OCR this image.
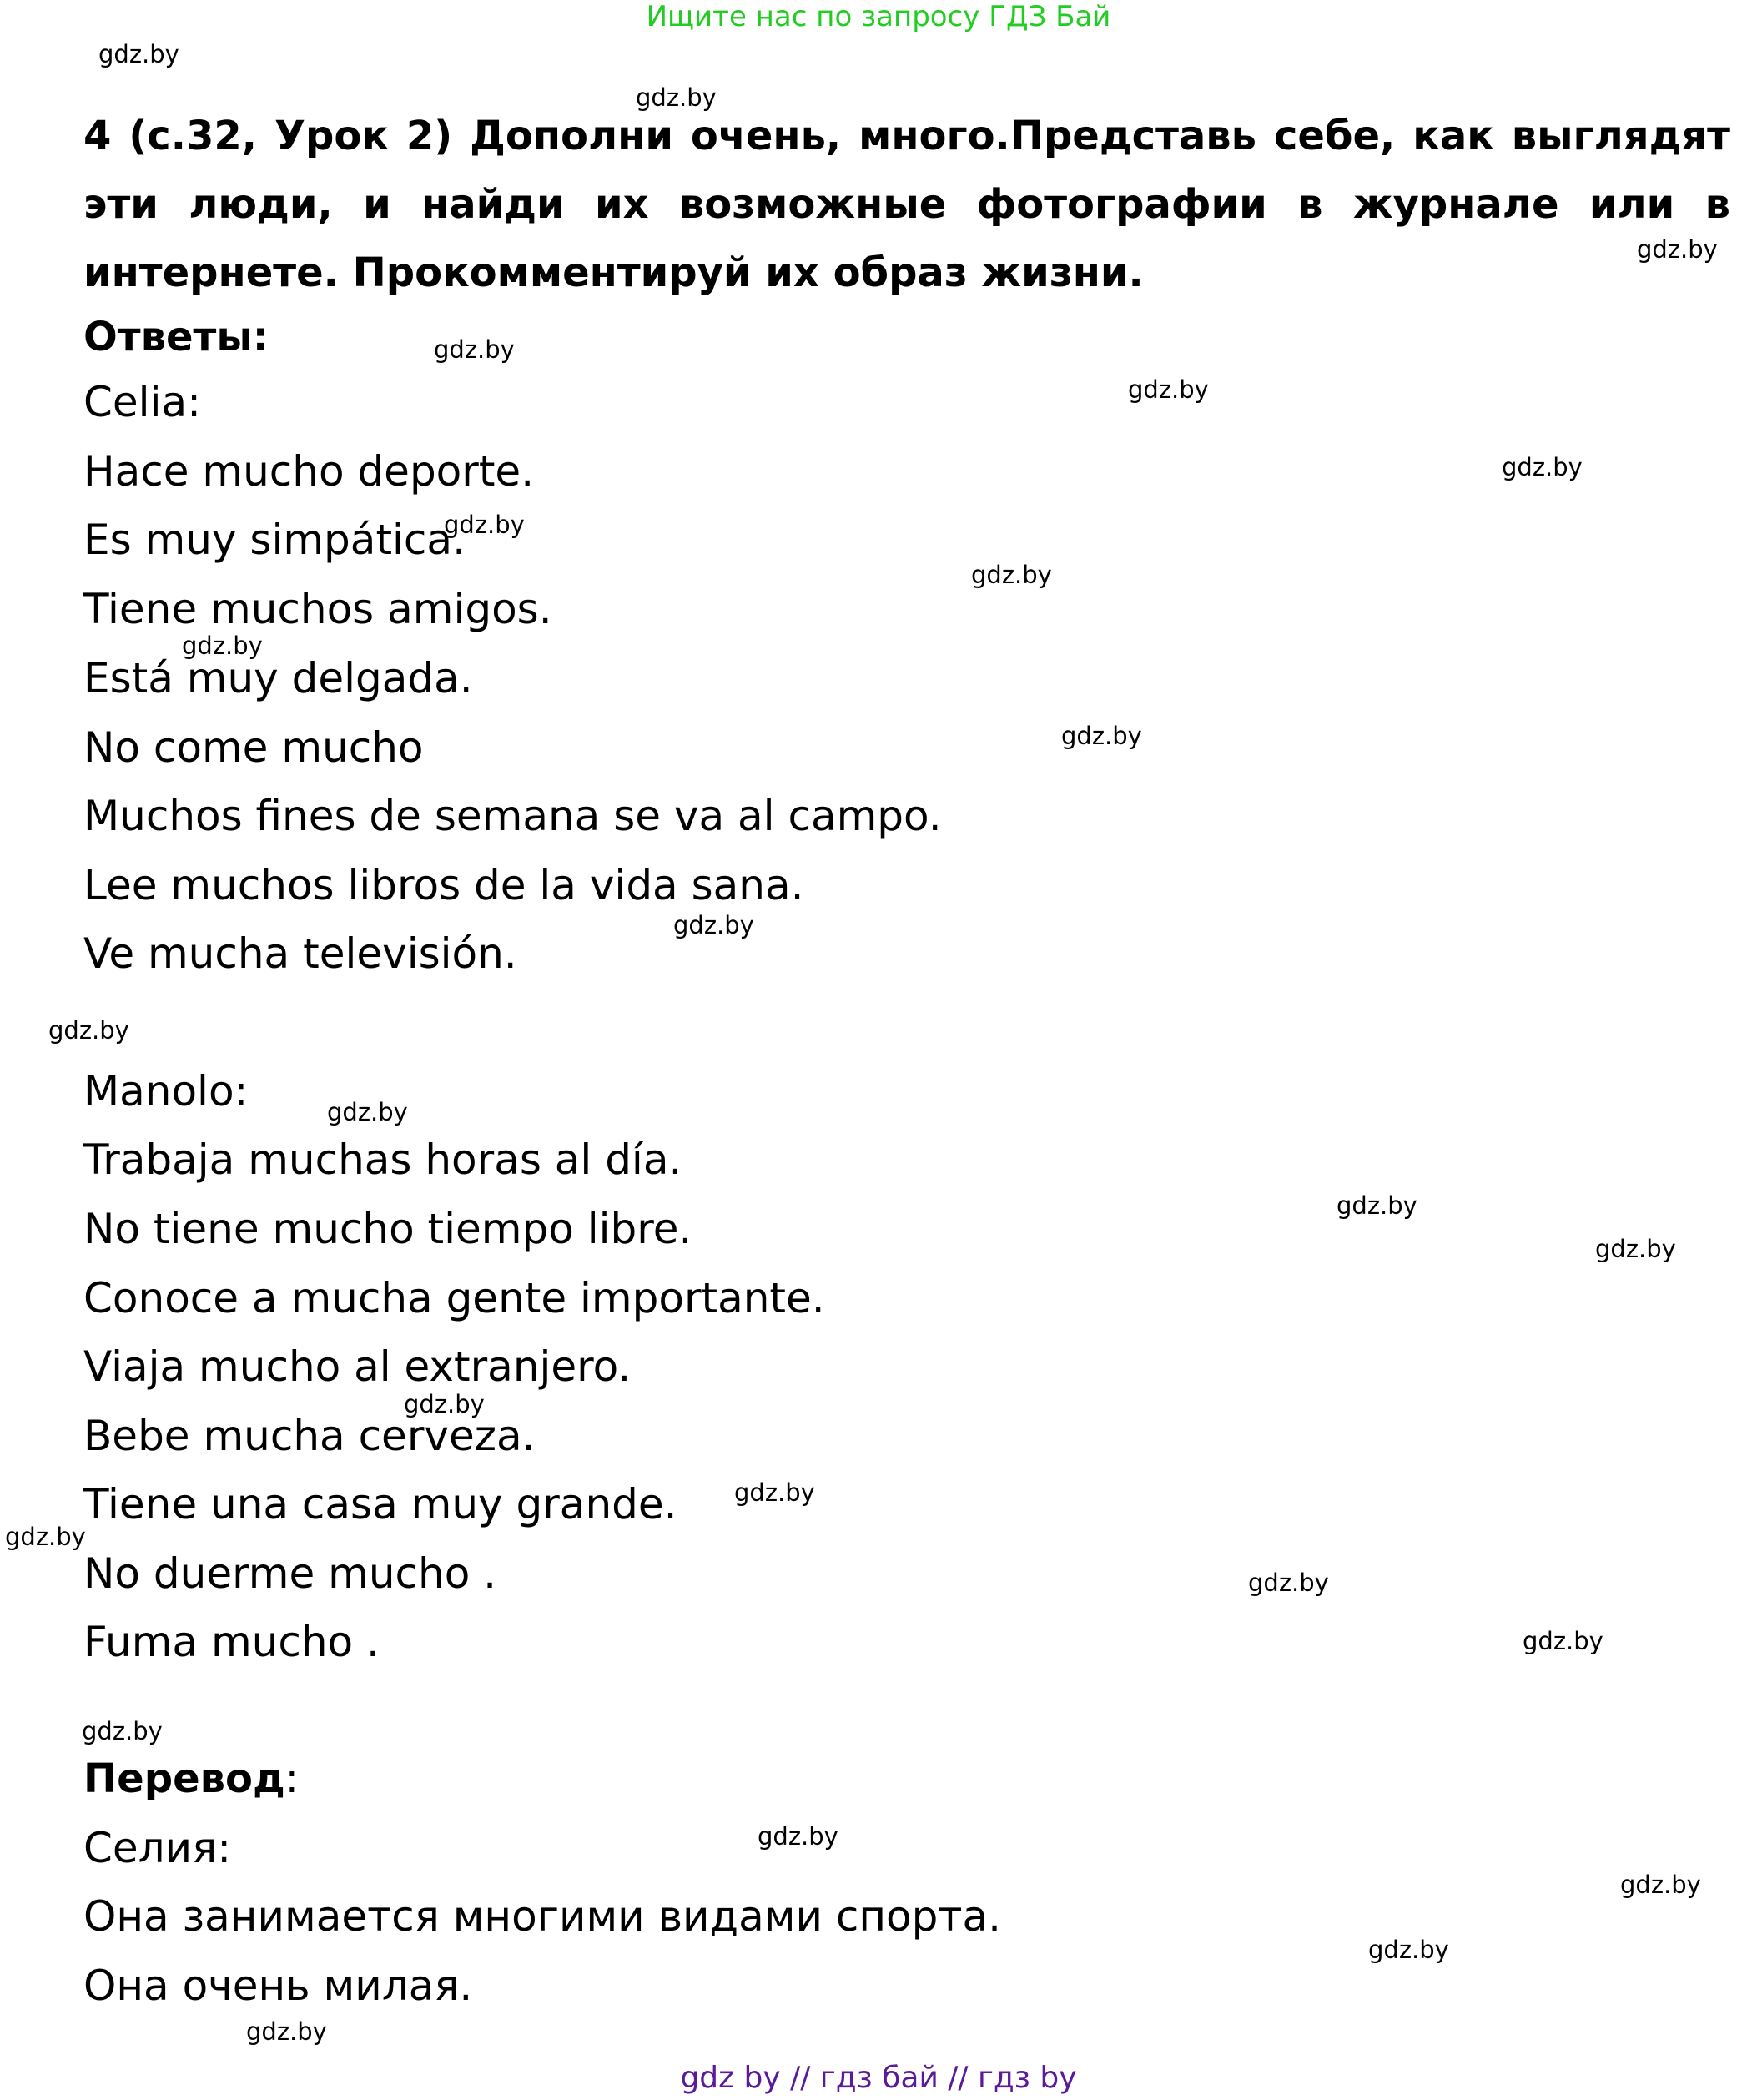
Ищите нас по запросу ГДЗ Бай

4 (с.32, Урок 2) Дополни очень, много.Представь себе, как выглядят эти люди, и найди их возможные фотографии в журнале или в интернете. Прокомментируй их образ жизни.

Ответы:
Celia:
Hace mucho deporte.
Es muy simpática.
Tiene muchos amigos.
Está muy delgada.
No come mucho
Muchos fines de semana se va al campo.
Lee muchos libros de la vida sana.
Ve mucha televisión.
Manolo:
Trabaja muchas horas al día.
No tiene mucho tiempo libre.
Conoce a mucha gente importante.
Viaja mucho al extranjero.
Bebe mucha cerveza.
Tiene una casa muy grande.
No duerme mucho .
Fuma mucho .
Перевод:
Селия:
Она занимается многими видами спорта.
Она очень милая.
gdz.by
gdz.by
gdz.by
gdz.by
gdz.by
gdz.by
gdz.by
gdz.by
gdz.by
gdz.by
gdz.by
gdz.by
gdz.by
gdz.by
gdz.by
gdz.by
gdz.by
gdz.by
gdz.by
gdz.by
gdz.by
gdz.by
gdz.by
gdz.by
gdz.by
gdz by // гдз бай // гдз by
